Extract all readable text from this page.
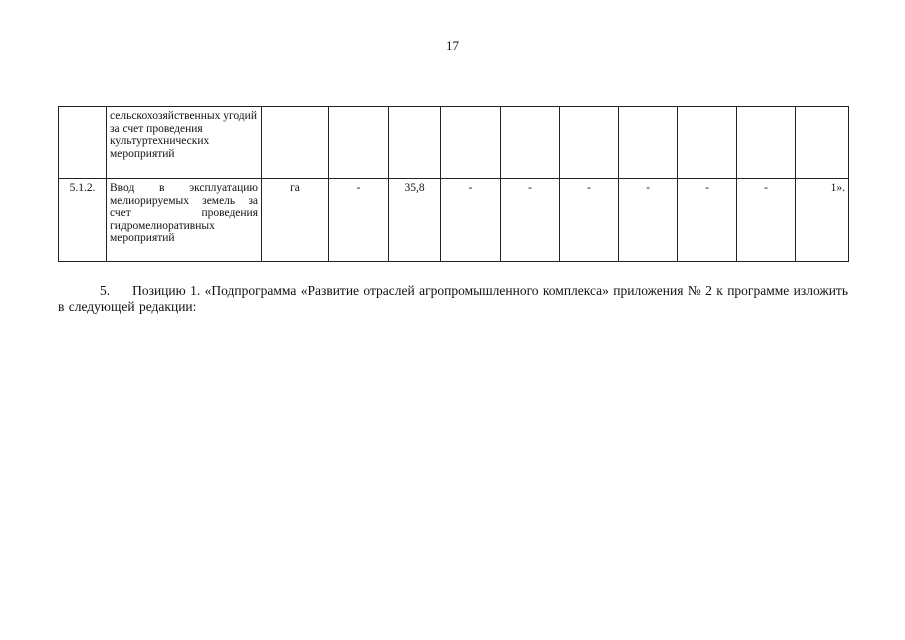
17
	сельскохозяйственных угодий за счет проведения культуртехнических мероприятий										
5.1.2.	Ввод в эксплуатацию мелиорируемых земель за счет проведения гидромелиоративных мероприятий	га	-	35,8	-	-	-	-	-	-	1».
5. Позицию 1. «Подпрограмма «Развитие отраслей агропромышленного комплекса» приложения № 2 к программе изложить в следующей редакции:
